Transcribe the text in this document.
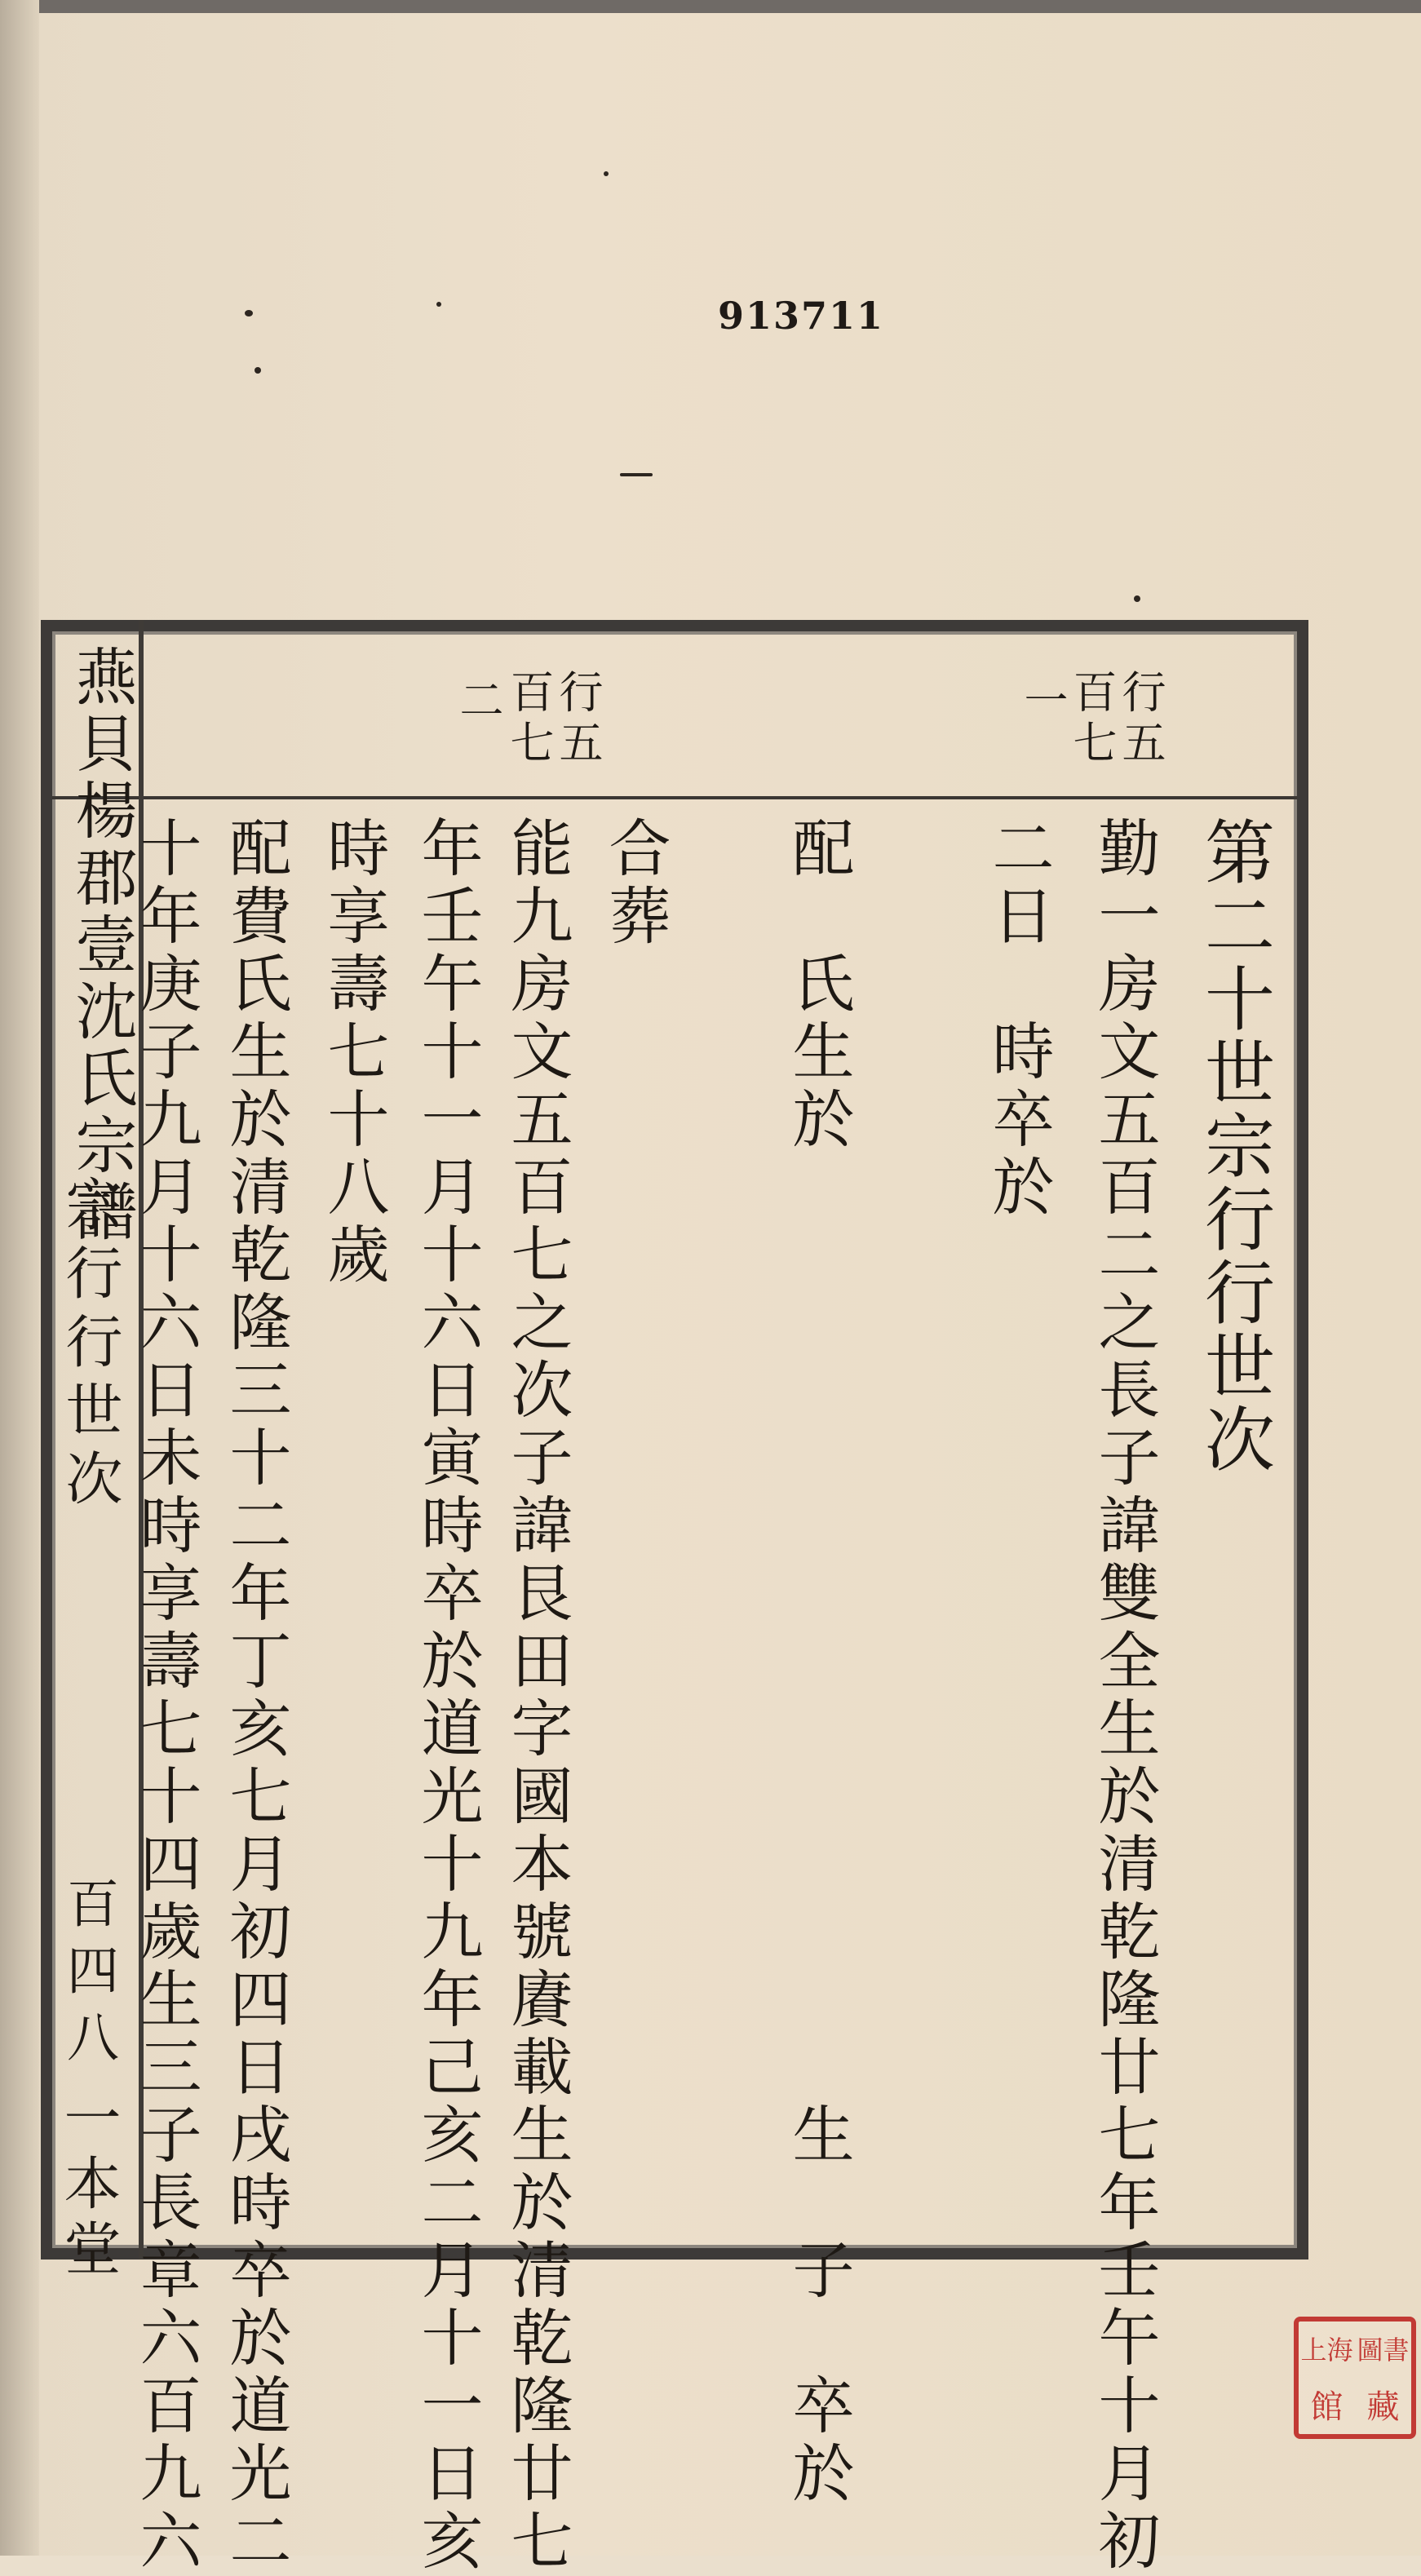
913711

燕貝楊郡壹沈氏宗譜
宗行行世次
百四八
一本堂
行五
百七
一
行五
百七
二
第二十世宗行行世次
勤一房文五百二之長子諱雙全生於清乾隆廿七年壬午十月初
二日　時卒於
配　氏生於　　　　　　　　　　　　　　生　子　卒於
合葬
能九房文五百七之次子諱艮田字國本號賡載生於清乾隆廿七
年壬午十一月十六日寅時卒於道光十九年己亥二月十一日亥
時享壽七十八歲
配費氏生於清乾隆三十二年丁亥七月初四日戌時卒於道光二
十年庚子九月十六日未時享壽七十四歲生三子長章六百九六	上海 圖書
館 藏
